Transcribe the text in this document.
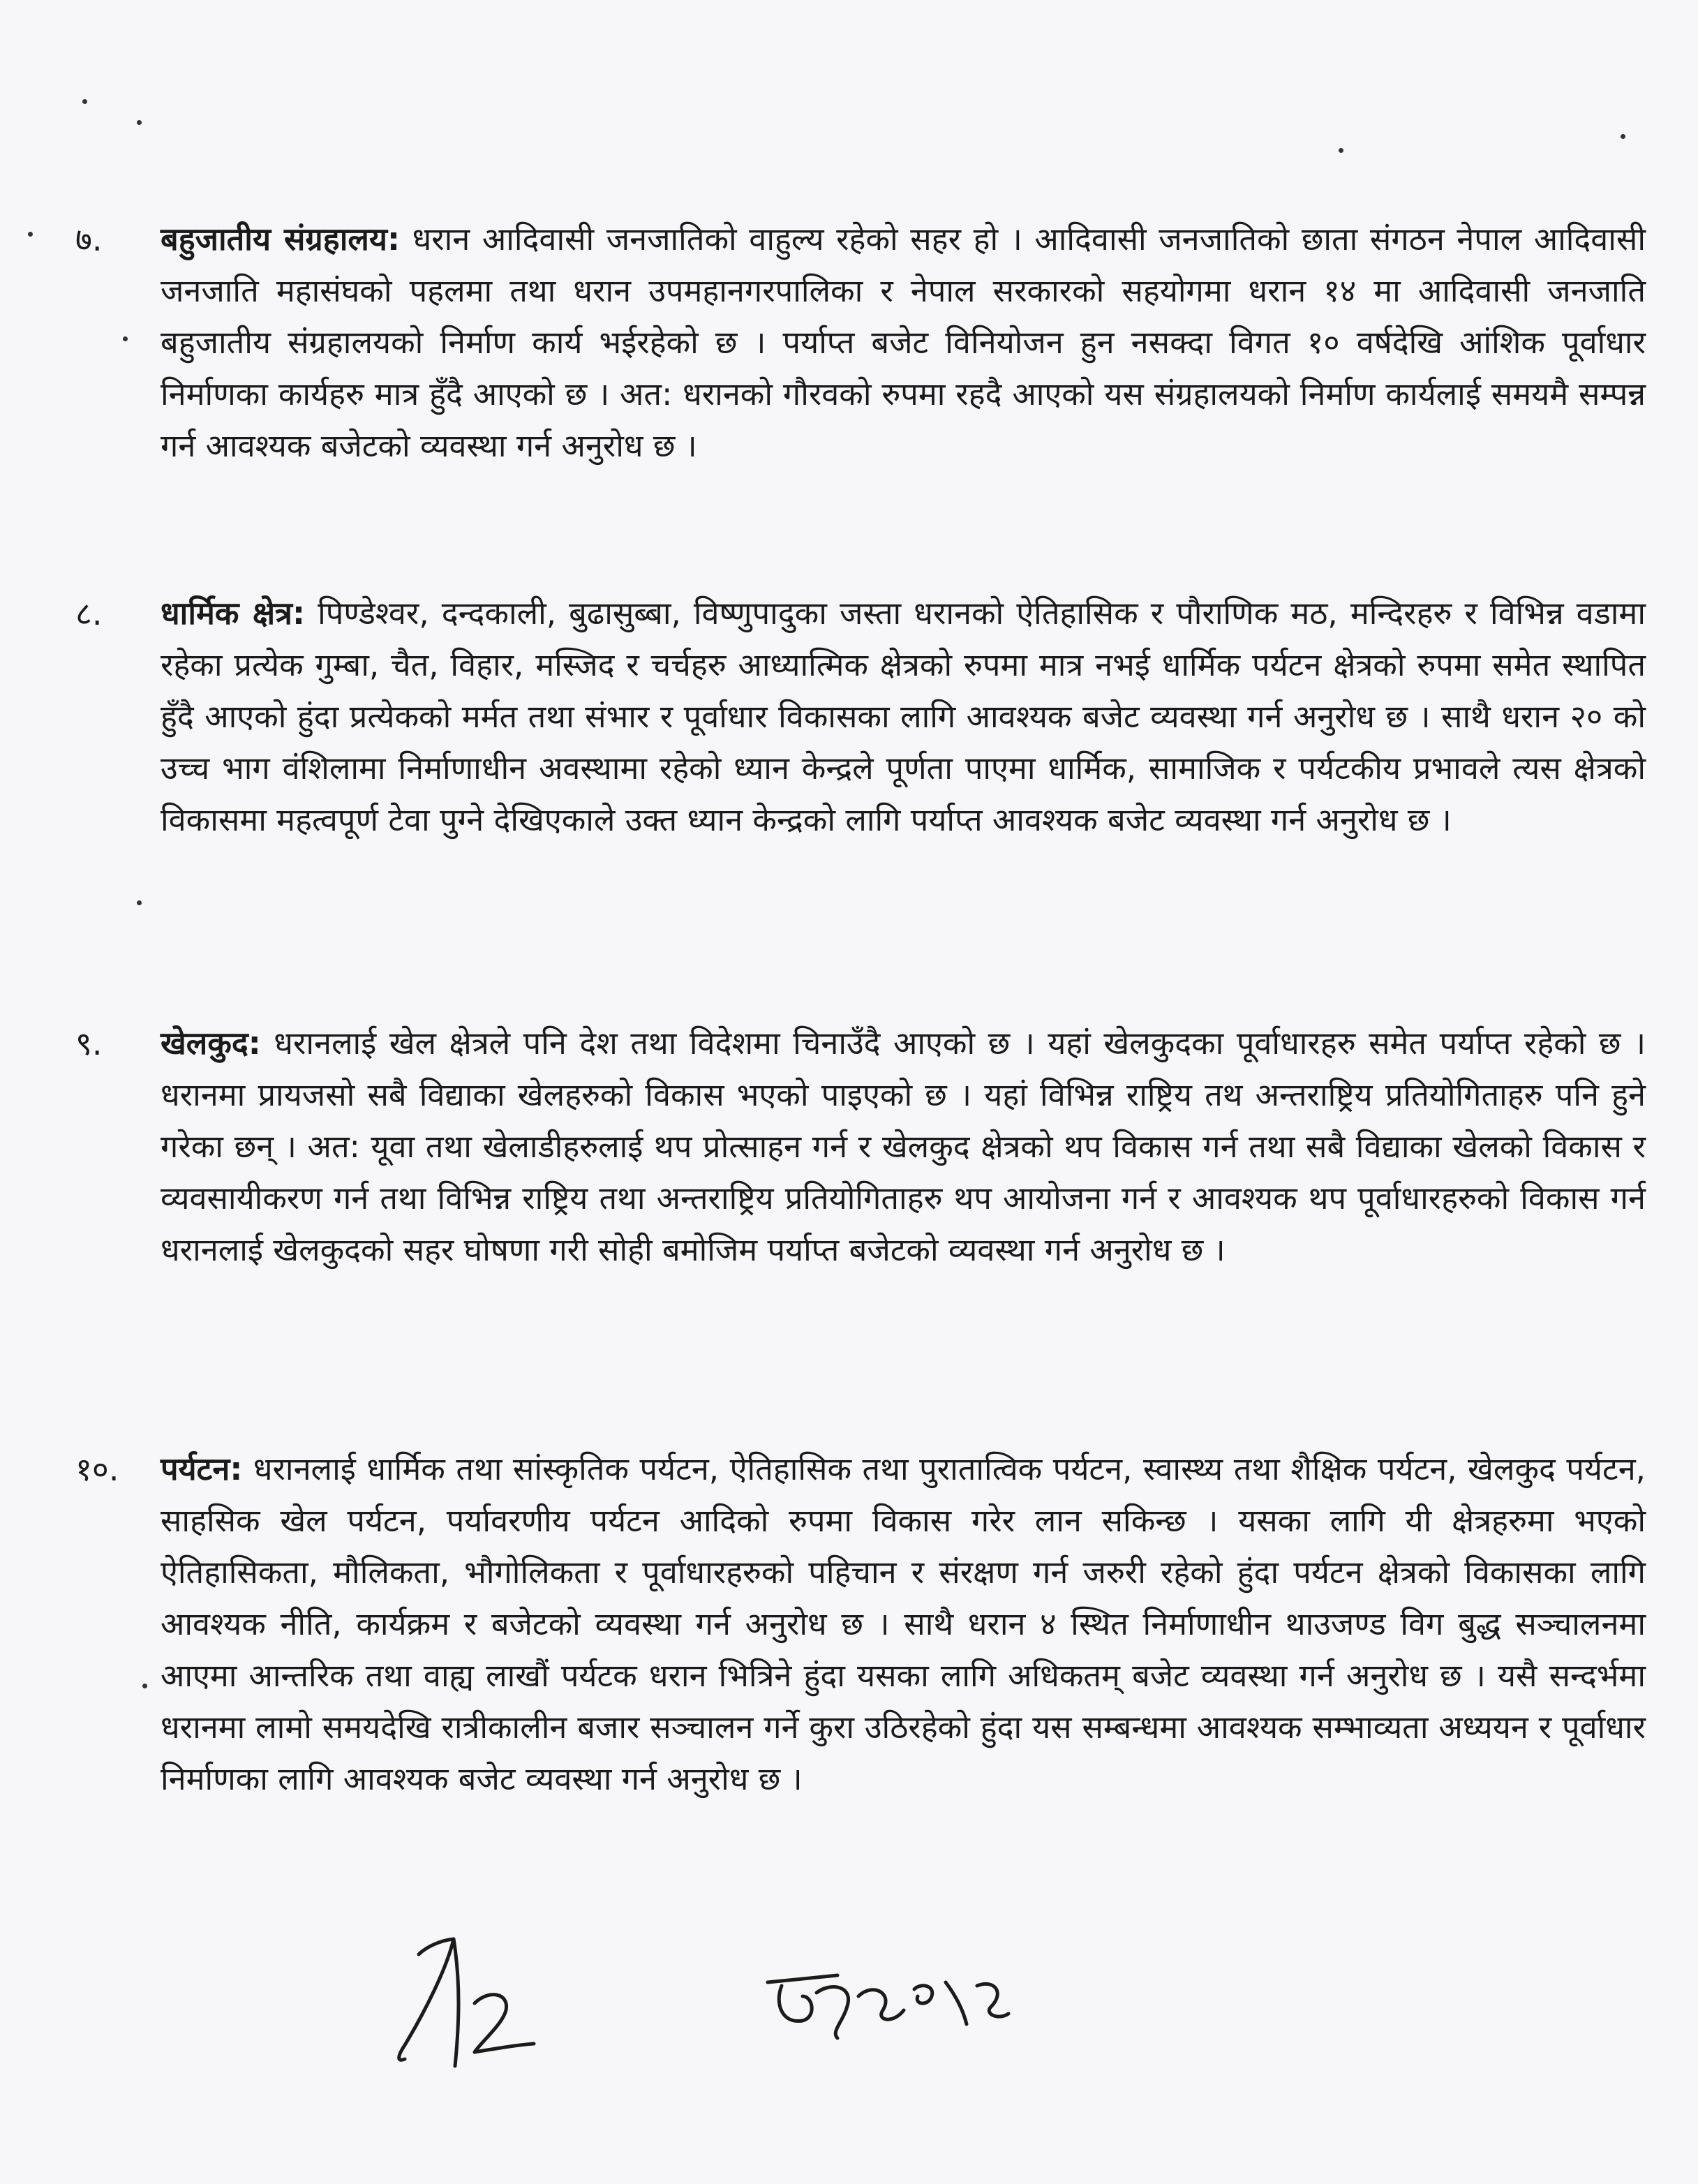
७.	बहुजातीय संग्रहालय: धरान आदिवासी जनजातिको वाहुल्य रहेको सहर हो । आदिवासी जनजातिको छाता संगठन नेपाल आदिवासी जनजाति महासंघको पहलमा तथा धरान उपमहानगरपालिका र नेपाल सरकारको सहयोगमा धरान १४ मा आदिवासी जनजाति बहुजातीय संग्रहालयको निर्माण कार्य भईरहेको छ । पर्याप्त बजेट विनियोजन हुन नसक्दा विगत १० वर्षदेखि आंशिक पूर्वाधार निर्माणका कार्यहरु मात्र हुँदै आएको छ । अत: धरानको गौरवको रुपमा रहदै आएको यस संग्रहालयको निर्माण कार्यलाई समयमै सम्पन्न गर्न आवश्यक बजेटको व्यवस्था गर्न अनुरोध छ ।
८.	धार्मिक क्षेत्र: पिण्डेश्वर, दन्दकाली, बुढासुब्बा, विष्णुपादुका जस्ता धरानको ऐतिहासिक र पौराणिक मठ, मन्दिरहरु र विभिन्न वडामा रहेका प्रत्येक गुम्बा, चैत, विहार, मस्जिद र चर्चहरु आध्यात्मिक क्षेत्रको रुपमा मात्र नभई धार्मिक पर्यटन क्षेत्रको रुपमा समेत स्थापित हुँदै आएको हुंदा प्रत्येकको मर्मत तथा संभार र पूर्वाधार विकासका लागि आवश्यक बजेट व्यवस्था गर्न अनुरोध छ । साथै धरान २० को उच्च भाग वंशिलामा निर्माणाधीन अवस्थामा रहेको ध्यान केन्द्रले पूर्णता पाएमा धार्मिक, सामाजिक र पर्यटकीय प्रभावले त्यस क्षेत्रको विकासमा महत्वपूर्ण टेवा पुग्ने देखिएकाले उक्त ध्यान केन्द्रको लागि पर्याप्त आवश्यक बजेट व्यवस्था गर्न अनुरोध छ ।
९.	खेलकुद: धरानलाई खेल क्षेत्रले पनि देश तथा विदेशमा चिनाउँदै आएको छ । यहां खेलकुदका पूर्वाधारहरु समेत पर्याप्त रहेको छ । धरानमा प्रायजसो सबै विद्याका खेलहरुको विकास भएको पाइएको छ । यहां विभिन्न राष्ट्रिय तथ अन्तराष्ट्रिय प्रतियोगिताहरु पनि हुने गरेका छन् । अत: यूवा तथा खेलाडीहरुलाई थप प्रोत्साहन गर्न र खेलकुद क्षेत्रको थप विकास गर्न तथा सबै विद्याका खेलको विकास र व्यवसायीकरण गर्न तथा विभिन्न राष्ट्रिय तथा अन्तराष्ट्रिय प्रतियोगिताहरु थप आयोजना गर्न र आवश्यक थप पूर्वाधारहरुको विकास गर्न धरानलाई खेलकुदको सहर घोषणा गरी सोही बमोजिम पर्याप्त बजेटको व्यवस्था गर्न अनुरोध छ ।
१०.	पर्यटन: धरानलाई धार्मिक तथा सांस्कृतिक पर्यटन, ऐतिहासिक तथा पुरातात्विक पर्यटन, स्वास्थ्य तथा शैक्षिक पर्यटन, खेलकुद पर्यटन, साहसिक खेल पर्यटन, पर्यावरणीय पर्यटन आदिको रुपमा विकास गरेर लान सकिन्छ । यसका लागि यी क्षेत्रहरुमा भएको ऐतिहासिकता, मौलिकता, भौगोलिकता र पूर्वाधारहरुको पहिचान र संरक्षण गर्न जरुरी रहेको हुंदा पर्यटन क्षेत्रको विकासका लागि आवश्यक नीति, कार्यक्रम र बजेटको व्यवस्था गर्न अनुरोध छ । साथै धरान ४ स्थित निर्माणाधीन थाउजण्ड विग बुद्ध सञ्चालनमा आएमा आन्तरिक तथा वाह्य लाखौं पर्यटक धरान भित्रिने हुंदा यसका लागि अधिकतम् बजेट व्यवस्था गर्न अनुरोध छ । यसै सन्दर्भमा धरानमा लामो समयदेखि रात्रीकालीन बजार सञ्चालन गर्ने कुरा उठिरहेको हुंदा यस सम्बन्धमा आवश्यक सम्भाव्यता अध्ययन र पूर्वाधार निर्माणका लागि आवश्यक बजेट व्यवस्था गर्न अनुरोध छ ।
